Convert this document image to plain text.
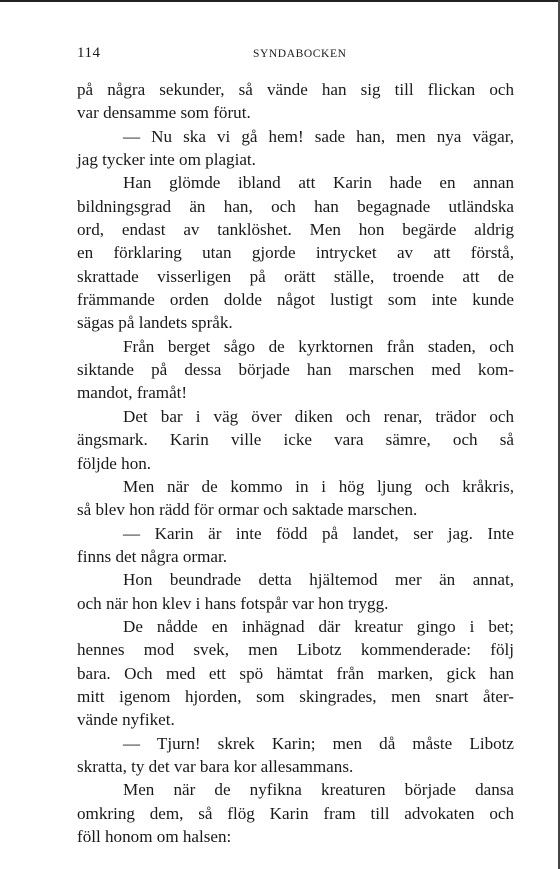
114	SYNDABOCKEN

på några sekunder, så vände han sig till flickan och
var densamme som förut.

— Nu ska vi gå hem! sade han, men nya vägar,
jag tycker inte om plagiat.

Han glömde ibland att Karin hade en annan
bildningsgrad än han, och han begagnade utländska
ord, endast av tanklöshet. Men hon begärde aldrig
en förklaring utan gjorde intrycket av att förstå,
skrattade visserligen på orätt ställe, troende att de
främmande orden dolde något lustigt som inte kunde
sägas på landets språk.

Från berget sågo de kyrktornen från staden, och
siktande på dessa började han marschen med kom-
mandot, framåt!

Det bar i väg över diken och renar, trädor och
ängsmark. Karin ville icke vara sämre, och så
följde hon.

Men när de kommo in i hög ljung och kråkris,
så blev hon rädd för ormar och saktade marschen.

— Karin är inte född på landet, ser jag. Inte
finns det några ormar.

Hon beundrade detta hjältemod mer än annat,
och när hon klev i hans fotspår var hon trygg.

De nådde en inhägnad där kreatur gingo i bet;
hennes mod svek, men Libotz kommenderade: följ
bara. Och med ett spö hämtat från marken, gick han
mitt igenom hjorden, som skingrades, men snart åter-
vände nyfiket.

— Tjurn! skrek Karin; men då måste Libotz
skratta, ty det var bara kor allesammans.

Men när de nyfikna kreaturen började dansa
omkring dem, så flög Karin fram till advokaten och
föll honom om halsen:
